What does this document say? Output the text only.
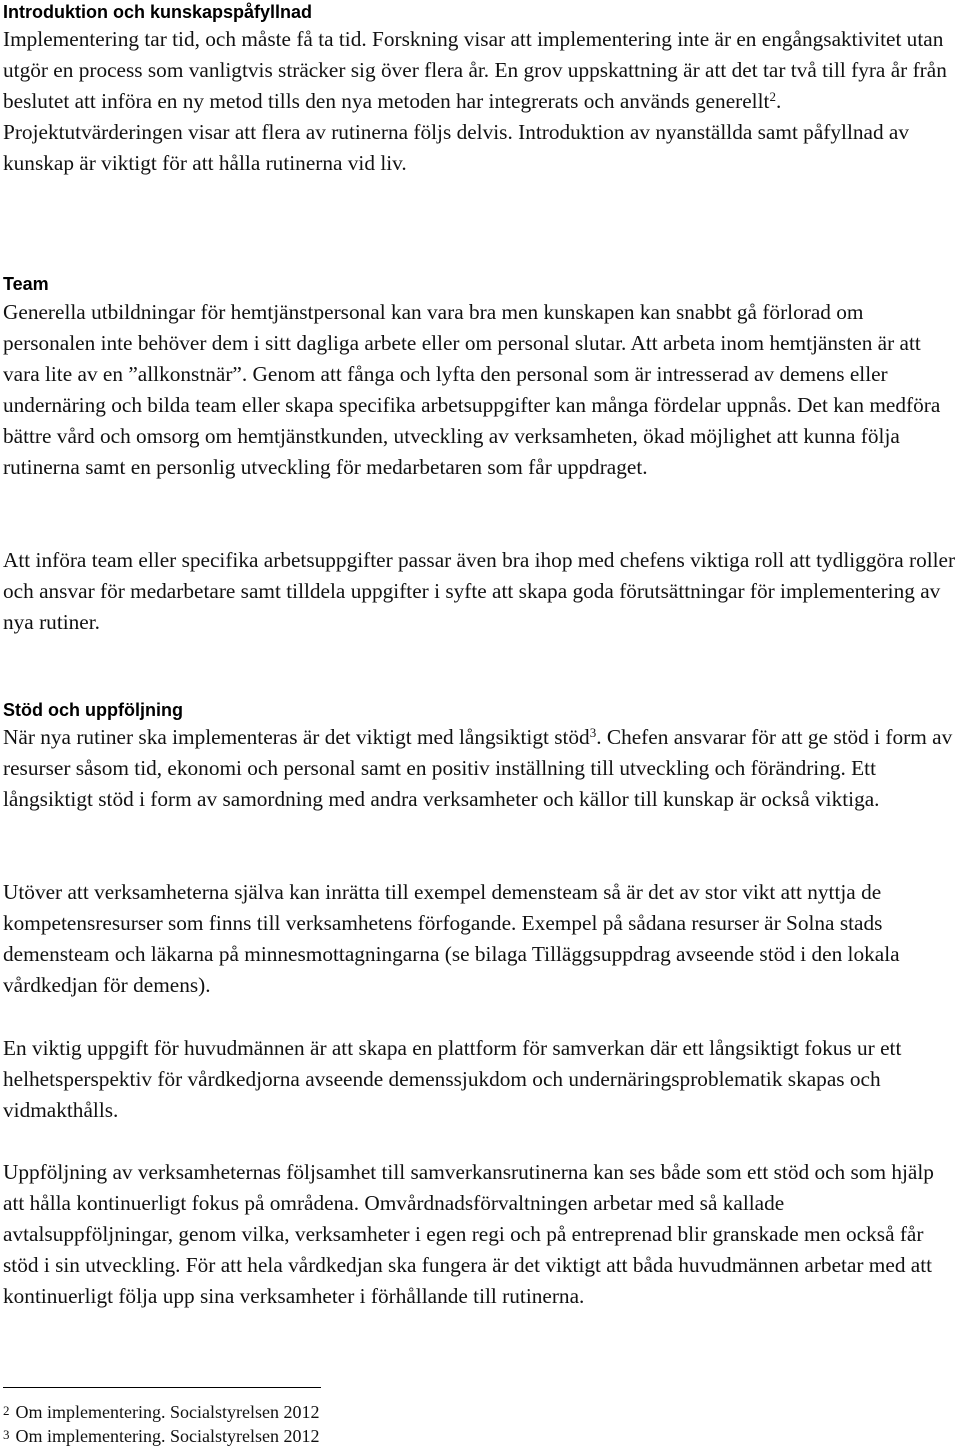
Introduktion och kunskapspåfyllnad

Implementering tar tid, och måste få ta tid. Forskning visar att implementering inte är en engångsaktivitet utan utgör en process som vanligtvis sträcker sig över flera år. En grov uppskattning är att det tar två till fyra år från beslutet att införa en ny metod tills den nya metoden har integrerats och används generellt$^2$. Projektutvärderingen visar att flera av rutinerna följs delvis. Introduktion av nyanställda samt påfyllnad av kunskap är viktigt för att hålla rutinerna vid liv.

Team

Generella utbildningar för hemtjänstpersonal kan vara bra men kunskapen kan snabbt gå förlorad om personalen inte behöver dem i sitt dagliga arbete eller om personal slutar. Att arbeta inom hemtjänsten är att vara lite av en ”allkonstnär”. Genom att fånga och lyfta den personal som är intresserad av demens eller undernäring och bilda team eller skapa specifika arbetsuppgifter kan många fördelar uppnås. Det kan medföra bättre vård och omsorg om hemtjänstkunden, utveckling av verksamheten, ökad möjlighet att kunna följa rutinerna samt en personlig utveckling för medarbetaren som får uppdraget.

Att införa team eller specifika arbetsuppgifter passar även bra ihop med chefens viktiga roll att tydliggöra roller och ansvar för medarbetare samt tilldela uppgifter i syfte att skapa goda förutsättningar för implementering av nya rutiner.

Stöd och uppföljning

När nya rutiner ska implementeras är det viktigt med långsiktigt stöd$^3$. Chefen ansvarar för att ge stöd i form av resurser såsom tid, ekonomi och personal samt en positiv inställning till utveckling och förändring. Ett långsiktigt stöd i form av samordning med andra verksamheter och källor till kunskap är också viktiga.

Utöver att verksamheterna själva kan inrätta till exempel demensteam så är det av stor vikt att nyttja de kompetensresurser som finns till verksamhetens förfogande. Exempel på sådana resurser är Solna stads demensteam och läkarna på minnesmottagningarna (se bilaga Tilläggsuppdrag avseende stöd i den lokala vårdkedjan för demens).

En viktig uppgift för huvudmännen är att skapa en plattform för samverkan där ett långsiktigt fokus ur ett helhetsperspektiv för vårdkedjorna avseende demenssjukdom och undernäringsproblematik skapas och vidmakthålls.

Uppföljning av verksamheternas följsamhet till samverkansrutinerna kan ses både som ett stöd och som hjälp att hålla kontinuerligt fokus på områdena. Omvårdnadsförvaltningen arbetar med så kallade avtalsuppföljningar, genom vilka, verksamheter i egen regi och på entreprenad blir granskade men också får stöd i sin utveckling. För att hela vårdkedjan ska fungera är det viktigt att båda huvudmännen arbetar med att kontinuerligt följa upp sina verksamheter i förhållande till rutinerna.

$^2$ Om implementering. Socialstyrelsen 2012
$^3$ Om implementering. Socialstyrelsen 2012
